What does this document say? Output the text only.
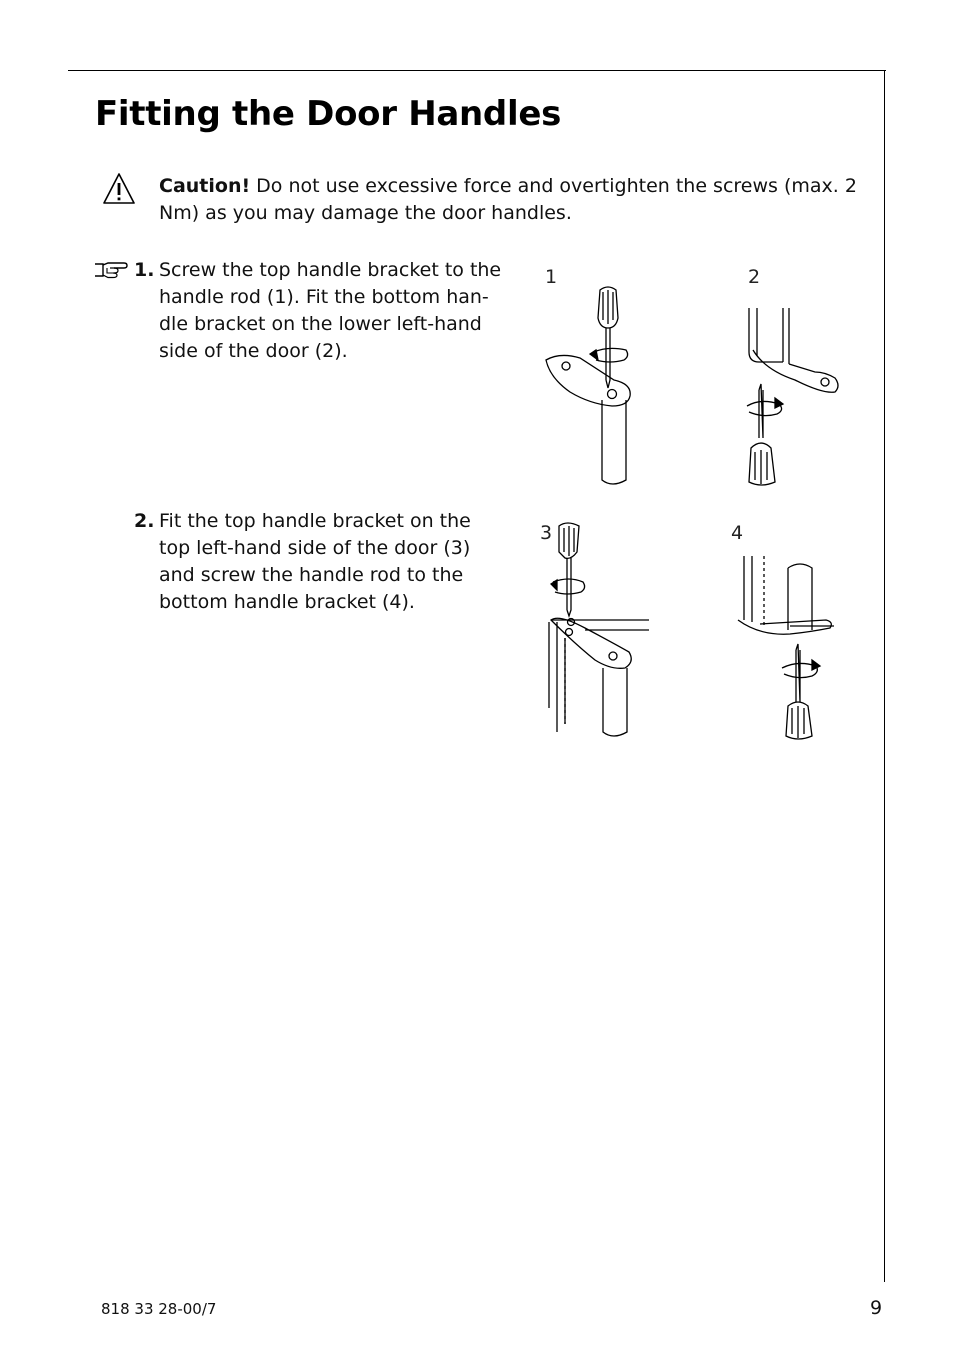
Fitting the Door Handles
Caution! Do not use excessive force and overtighten the screws (max. 2 Nm) as you may damage the door handles.
1. Screw the top handle bracket to the handle rod (1). Fit the bottom han-dle bracket on the lower left-hand side of the door (2).
2. Fit the top handle bracket on the top left-hand side of the door (3) and screw the handle rod to the bottom handle bracket (4).
1	2
3	4
818 33 28-00/7	9
